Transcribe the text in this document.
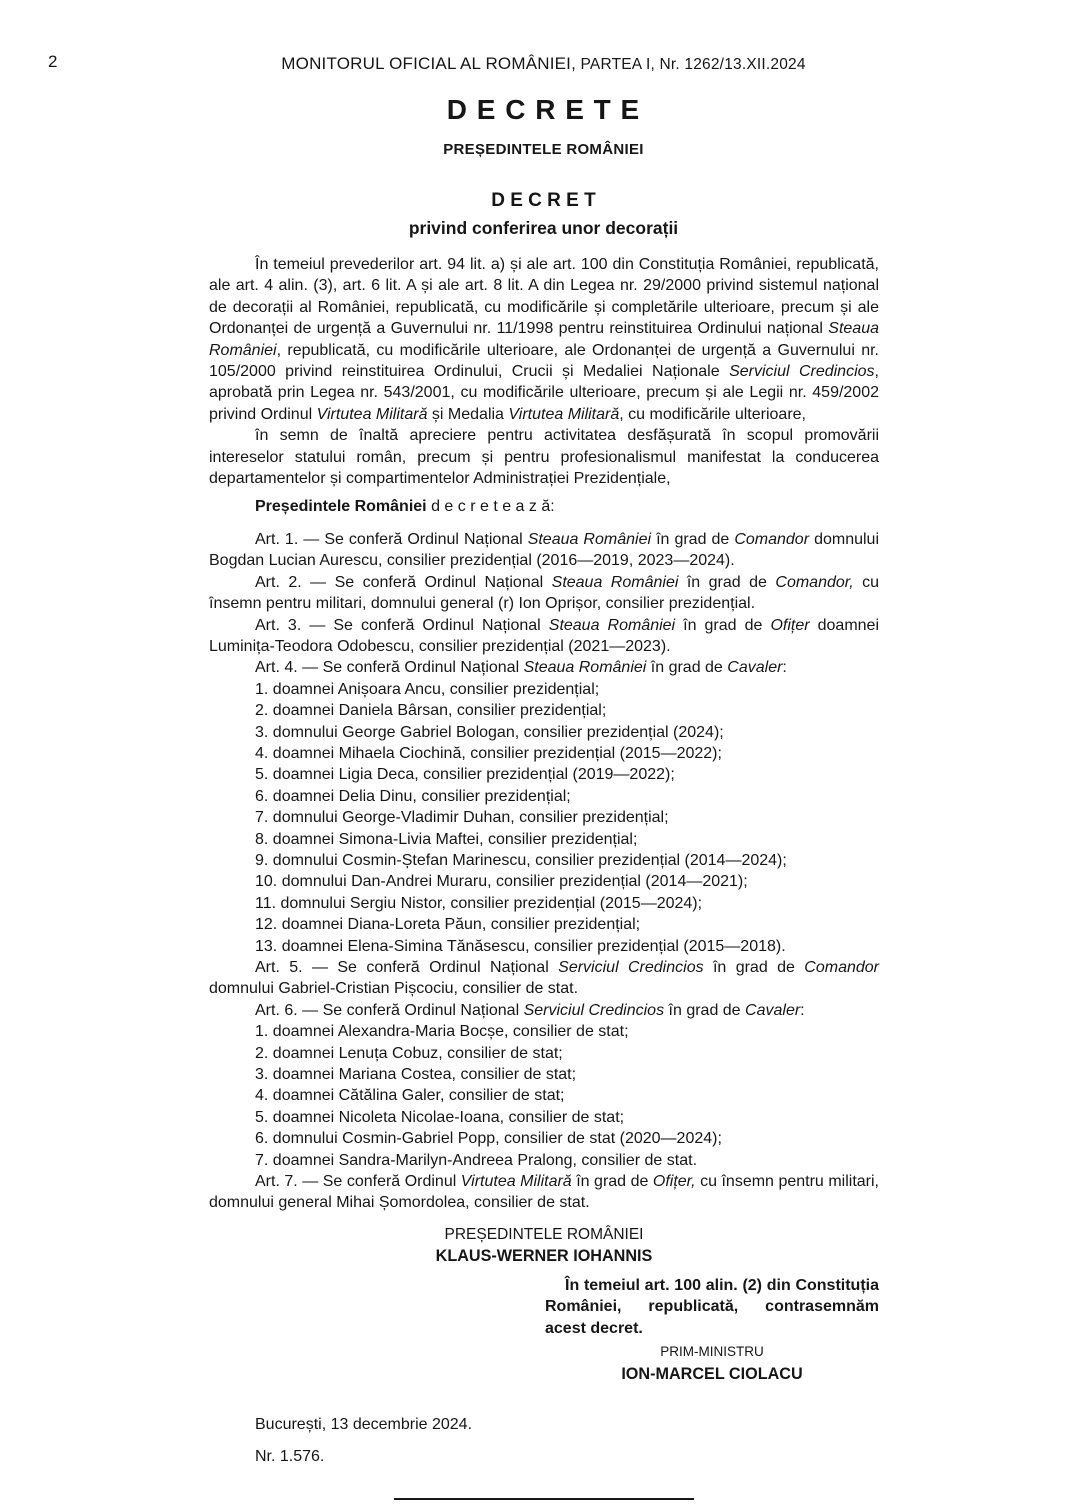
2	MONITORUL OFICIAL AL ROMÂNIEI, PARTEA I, Nr. 1262/13.XII.2024
D E C R E T E
PREȘEDINTELE ROMÂNIEI
D E C R E T
privind conferirea unor decorații

În temeiul prevederilor art. 94 lit. a) și ale art. 100 din Constituția României, republicată, ale art. 4 alin. (3), art. 6 lit. A și ale art. 8 lit. A din Legea nr. 29/2000 privind sistemul național de decorații al României, republicată, cu modificările și completările ulterioare, precum și ale Ordonanței de urgență a Guvernului nr. 11/1998 pentru reinstituirea Ordinului național Steaua României, republicată, cu modificările ulterioare, ale Ordonanței de urgență a Guvernului nr. 105/2000 privind reinstituirea Ordinului, Crucii și Medaliei Naționale Serviciul Credincios, aprobată prin Legea nr. 543/2001, cu modificările ulterioare, precum și ale Legii nr. 459/2002 privind Ordinul Virtutea Militară și Medalia Virtutea Militară, cu modificările ulterioare,

în semn de înaltă apreciere pentru activitatea desfășurată în scopul promovării intereselor statului român, precum și pentru profesionalismul manifestat la conducerea departamentelor și compartimentelor Administrației Prezidențiale,

Președintele României d e c r e t e a z ă:

Art. 1. — Se conferă Ordinul Național Steaua României în grad de Comandor domnului Bogdan Lucian Aurescu, consilier prezidențial (2016—2019, 2023—2024).

Art. 2. — Se conferă Ordinul Național Steaua României în grad de Comandor, cu însemn pentru militari, domnului general (r) Ion Oprișor, consilier prezidențial.

Art. 3. — Se conferă Ordinul Național Steaua României în grad de Ofițer doamnei Luminița-Teodora Odobescu, consilier prezidențial (2021—2023).

Art. 4. — Se conferă Ordinul Național Steaua României în grad de Cavaler:

1. doamnei Anișoara Ancu, consilier prezidențial;

2. doamnei Daniela Bârsan, consilier prezidențial;

3. domnului George Gabriel Bologan, consilier prezidențial (2024);

4. doamnei Mihaela Ciochină, consilier prezidențial (2015—2022);

5. doamnei Ligia Deca, consilier prezidențial (2019—2022);

6. doamnei Delia Dinu, consilier prezidențial;

7. domnului George-Vladimir Duhan, consilier prezidențial;

8. doamnei Simona-Livia Maftei, consilier prezidențial;

9. domnului Cosmin-Ștefan Marinescu, consilier prezidențial (2014—2024);

10. domnului Dan-Andrei Muraru, consilier prezidențial (2014—2021);

11. domnului Sergiu Nistor, consilier prezidențial (2015—2024);

12. doamnei Diana-Loreta Păun, consilier prezidențial;

13. doamnei Elena-Simina Tănăsescu, consilier prezidențial (2015—2018).

Art. 5. — Se conferă Ordinul Național Serviciul Credincios în grad de Comandor domnului Gabriel-Cristian Pișcociu, consilier de stat.

Art. 6. — Se conferă Ordinul Național Serviciul Credincios în grad de Cavaler:

1. doamnei Alexandra-Maria Bocșe, consilier de stat;

2. doamnei Lenuța Cobuz, consilier de stat;

3. doamnei Mariana Costea, consilier de stat;

4. doamnei Cătălina Galer, consilier de stat;

5. doamnei Nicoleta Nicolae-Ioana, consilier de stat;

6. domnului Cosmin-Gabriel Popp, consilier de stat (2020—2024);

7. doamnei Sandra-Marilyn-Andreea Pralong, consilier de stat.

Art. 7. — Se conferă Ordinul Virtutea Militară în grad de Ofițer, cu însemn pentru militari, domnului general Mihai Șomordolea, consilier de stat.

PREȘEDINTELE ROMÂNIEI
KLAUS-WERNER IOHANNIS

În temeiul art. 100 alin. (2) din Constituția României, republicată, contrasemnăm acest decret.

PRIM-MINISTRU
ION-MARCEL CIOLACU
București, 13 decembrie 2024.
Nr. 1.576.
